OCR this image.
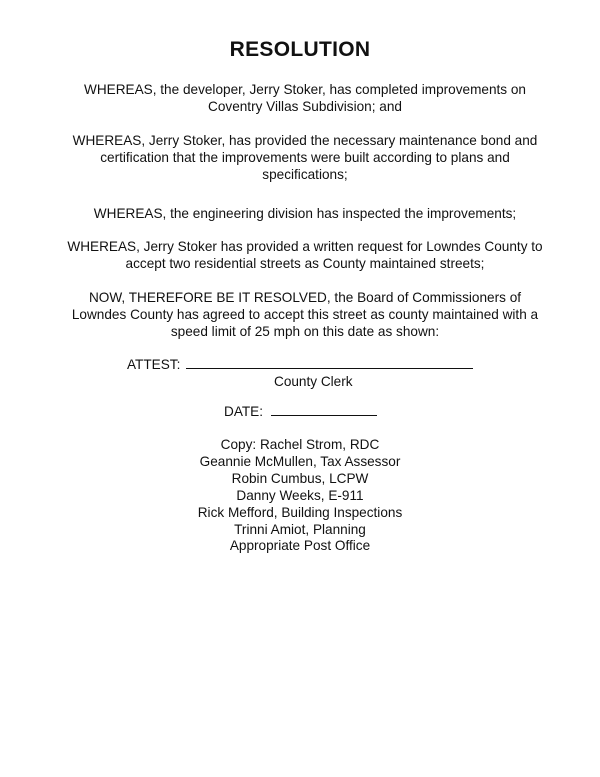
RESOLUTION
WHEREAS, the developer, Jerry Stoker, has completed improvements on Coventry Villas Subdivision; and
WHEREAS, Jerry Stoker, has provided the necessary maintenance bond and certification that the improvements were built according to plans and specifications;
WHEREAS, the engineering division has inspected the improvements;
WHEREAS, Jerry Stoker has provided a written request for Lowndes County to accept two residential streets as County maintained streets;
NOW, THEREFORE BE IT RESOLVED, the Board of Commissioners of Lowndes County has agreed to accept this street as county maintained with a speed limit of 25 mph on this date as shown:
ATTEST:
County Clerk
DATE:
Copy: Rachel Strom, RDC
Geannie McMullen, Tax Assessor
Robin Cumbus, LCPW
Danny Weeks, E-911
Rick Mefford, Building Inspections
Trinni Amiot, Planning
Appropriate Post Office
